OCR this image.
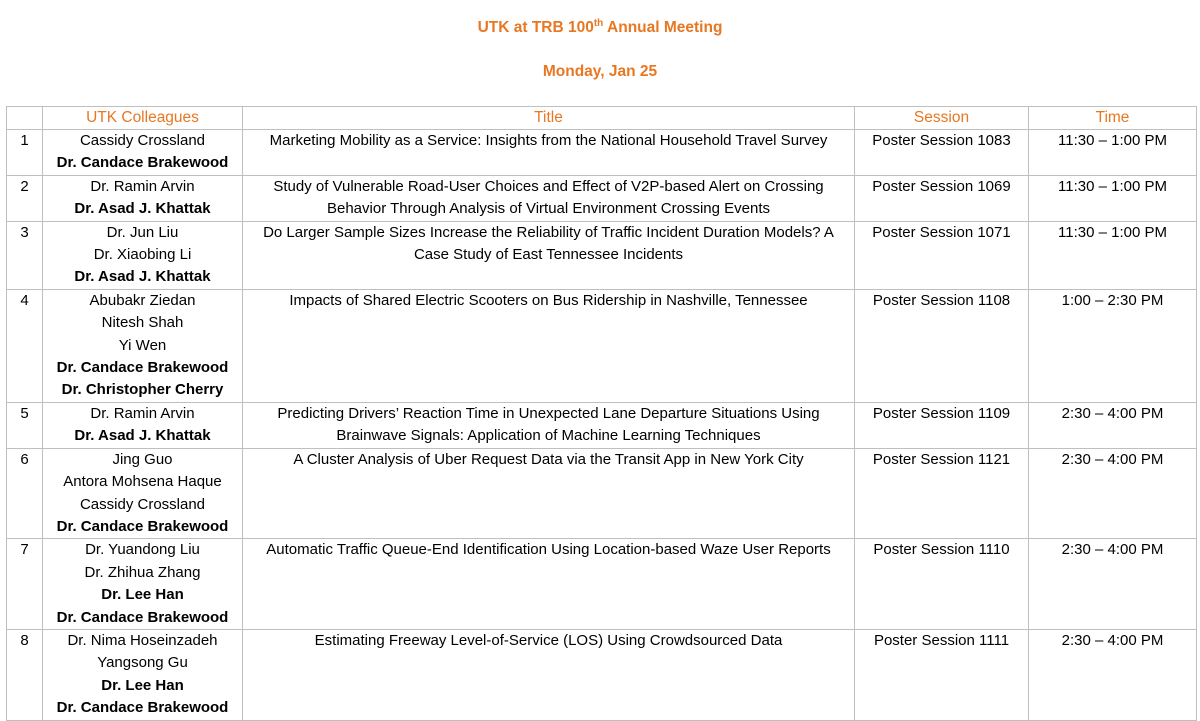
UTK at TRB 100th Annual Meeting
Monday, Jan 25
	UTK Colleagues	Title	Session	Time
1	Cassidy Crossland
Dr. Candace Brakewood	Marketing Mobility as a Service: Insights from the National Household Travel Survey	Poster Session 1083	11:30 – 1:00 PM
2	Dr. Ramin Arvin
Dr. Asad J. Khattak	Study of Vulnerable Road-User Choices and Effect of V2P-based Alert on Crossing Behavior Through Analysis of Virtual Environment Crossing Events	Poster Session 1069	11:30 – 1:00 PM
3	Dr. Jun Liu
Dr. Xiaobing Li
Dr. Asad J. Khattak	Do Larger Sample Sizes Increase the Reliability of Traffic Incident Duration Models? A Case Study of East Tennessee Incidents	Poster Session 1071	11:30 – 1:00 PM
4	Abubakr Ziedan
Nitesh Shah
Yi Wen
Dr. Candace Brakewood
Dr. Christopher Cherry	Impacts of Shared Electric Scooters on Bus Ridership in Nashville, Tennessee	Poster Session 1108	1:00 – 2:30 PM
5	Dr. Ramin Arvin
Dr. Asad J. Khattak	Predicting Drivers’ Reaction Time in Unexpected Lane Departure Situations Using Brainwave Signals: Application of Machine Learning Techniques	Poster Session 1109	2:30 – 4:00 PM
6	Jing Guo
Antora Mohsena Haque
Cassidy Crossland
Dr. Candace Brakewood	A Cluster Analysis of Uber Request Data via the Transit App in New York City	Poster Session 1121	2:30 – 4:00 PM
7	Dr. Yuandong Liu
Dr. Zhihua Zhang
Dr. Lee Han
Dr. Candace Brakewood	Automatic Traffic Queue-End Identification Using Location-based Waze User Reports	Poster Session 1110	2:30 – 4:00 PM
8	Dr. Nima Hoseinzadeh
Yangsong Gu
Dr. Lee Han
Dr. Candace Brakewood	Estimating Freeway Level-of-Service (LOS) Using Crowdsourced Data	Poster Session 1111	2:30 – 4:00 PM
